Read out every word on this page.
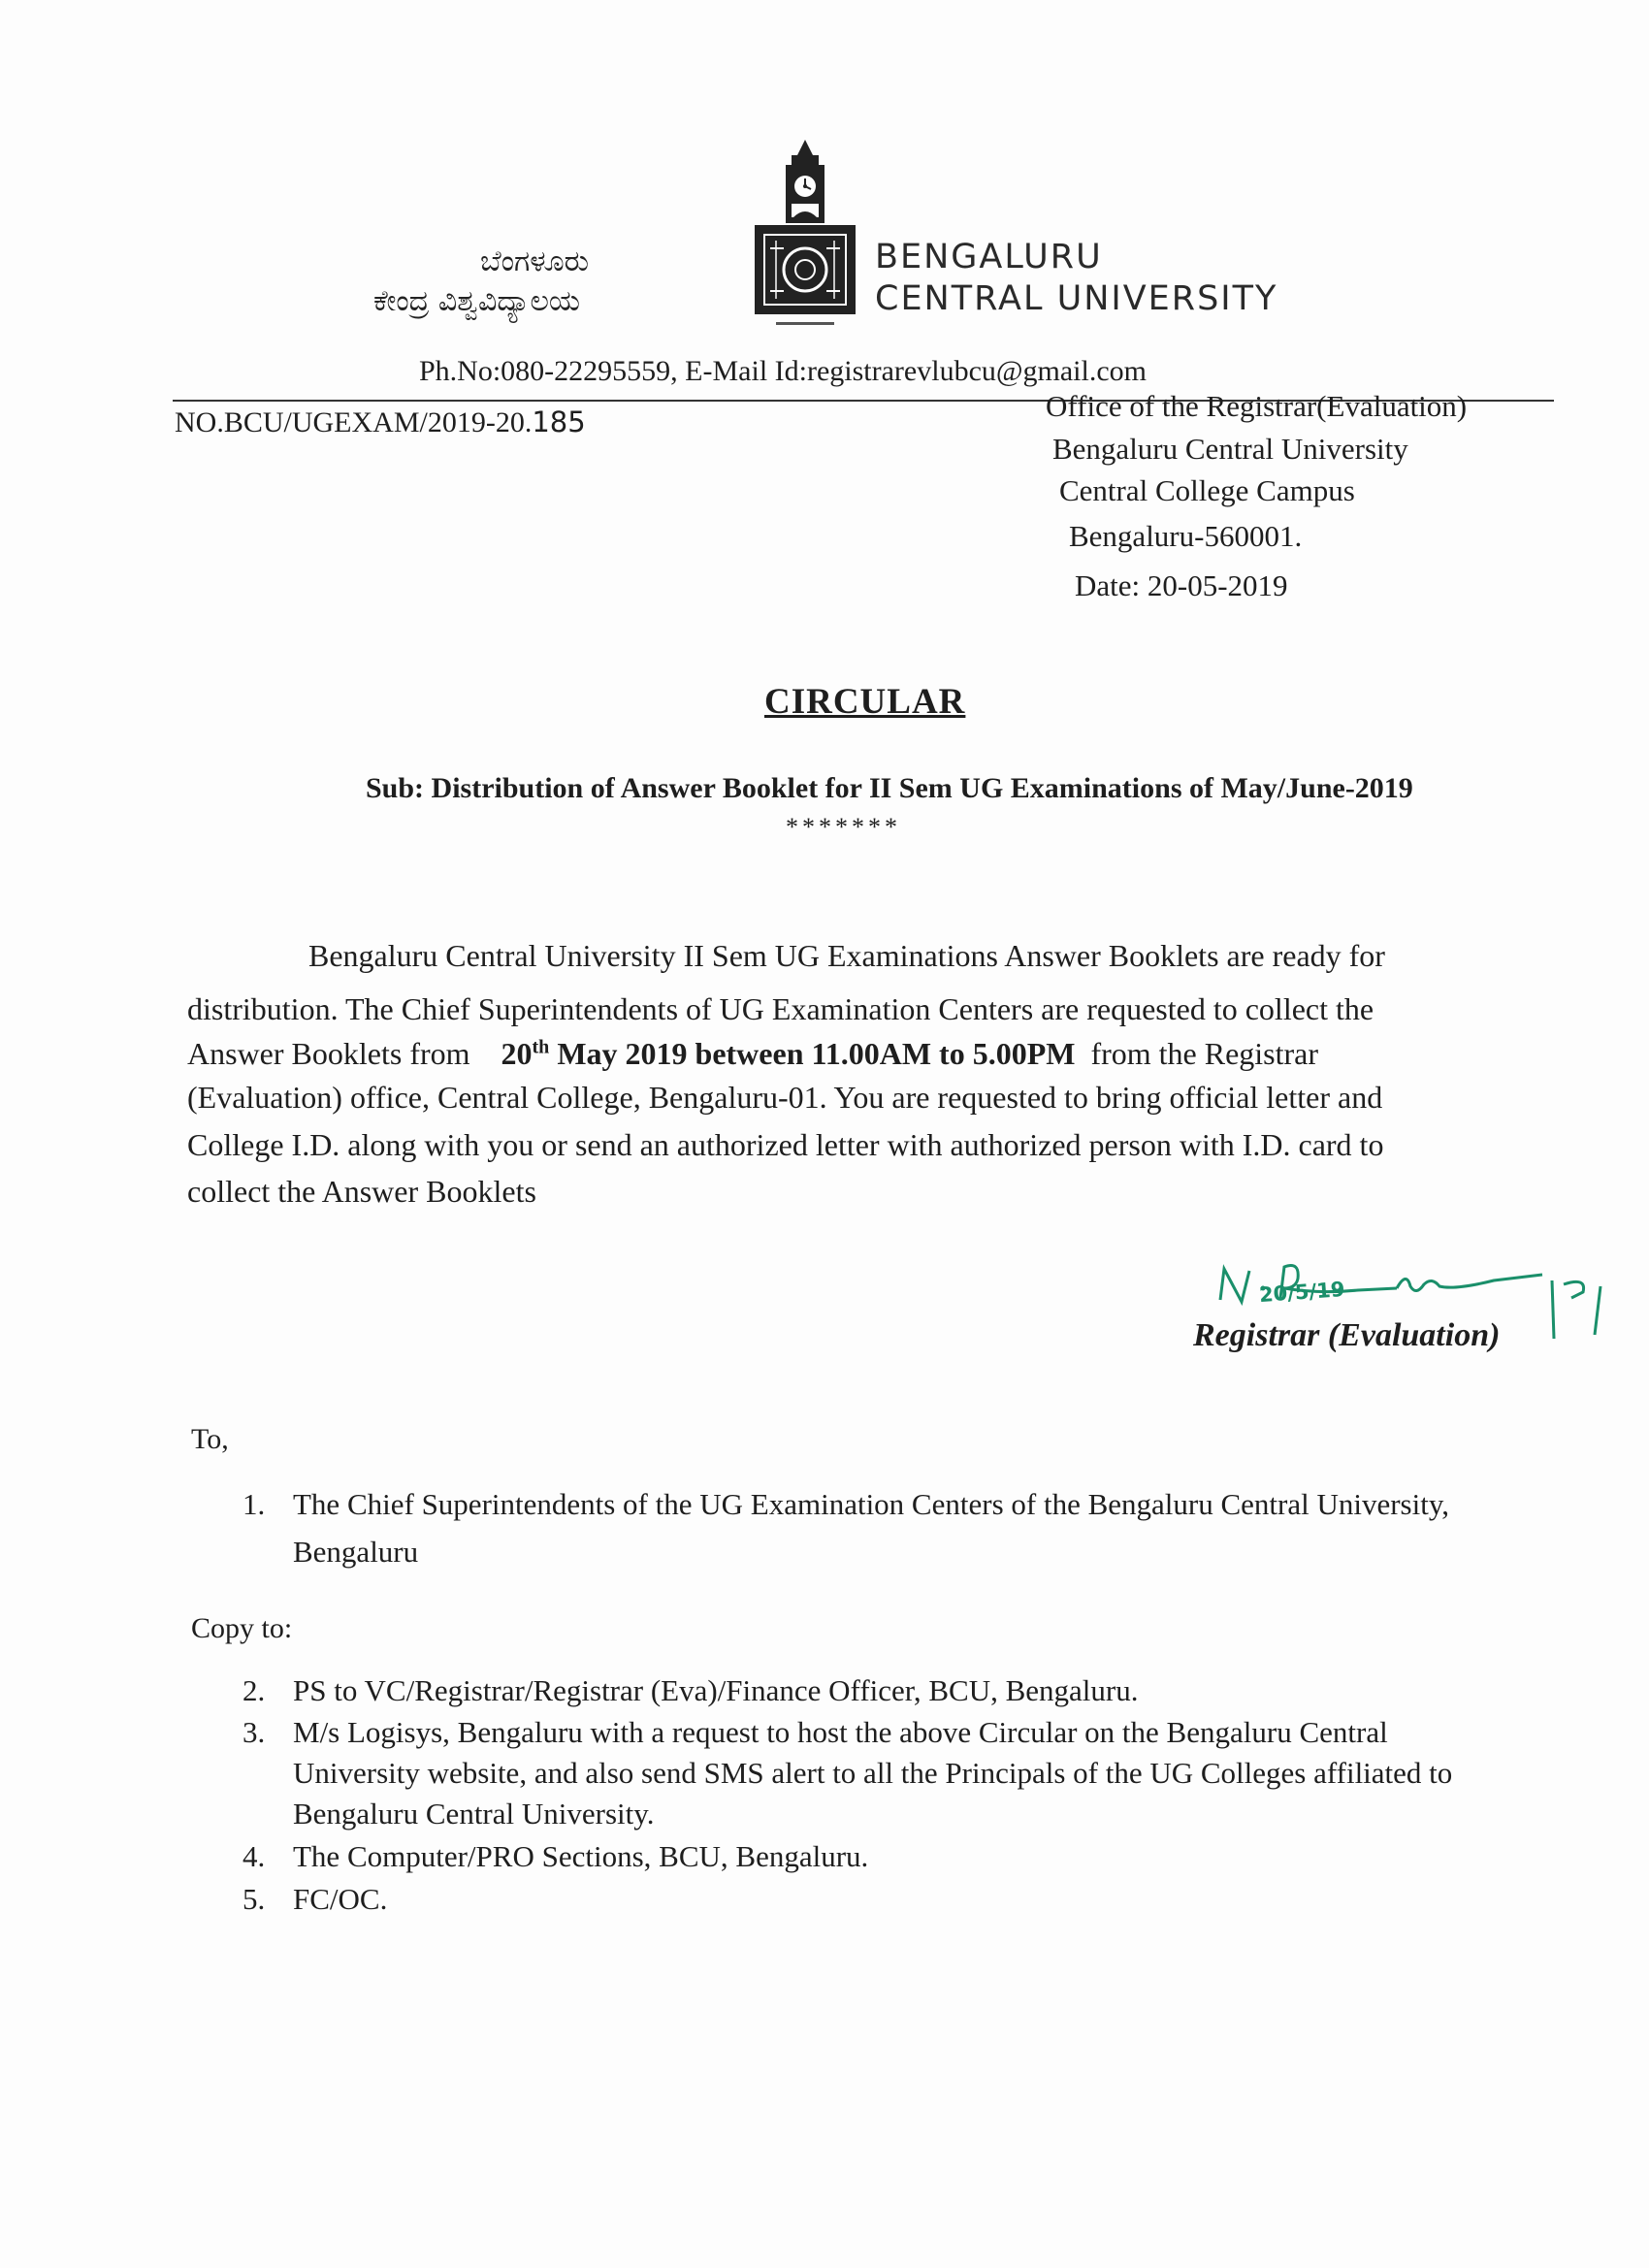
ಬೆಂಗಳೂರು
ಕೇಂದ್ರ ವಿಶ್ವವಿದ್ಯಾಲಯ
BENGALURU
CENTRAL UNIVERSITY
Ph.No:080-22295559, E-Mail Id:registrarevlubcu@gmail.com
NO.BCU/UGEXAM/2019-20.185	Office of the Registrar(Evaluation)
Bengaluru Central University
Central College Campus
Bengaluru-560001.
Date: 20-05-2019
CIRCULAR
Sub: Distribution of Answer Booklet for II Sem UG Examinations of May/June-2019
*******
Bengaluru Central University II Sem UG Examinations Answer Booklets are ready for
distribution. The Chief Superintendents of UG Examination Centers are requested to collect the
Answer Booklets from 20th May 2019 between 11.00AM to 5.00PM from the Registrar
(Evaluation) office, Central College, Bengaluru-01. You are requested to bring official letter and
College I.D. along with you or send an authorized letter with authorized person with I.D. card to
collect the Answer Booklets
20/5/19
Registrar (Evaluation)
To,
1. The Chief Superintendents of the UG Examination Centers of the Bengaluru Central University,
Bengaluru
Copy to:
2. PS to VC/Registrar/Registrar (Eva)/Finance Officer, BCU, Bengaluru.
3. M/s Logisys, Bengaluru with a request to host the above Circular on the Bengaluru Central
University website, and also send SMS alert to all the Principals of the UG Colleges affiliated to
Bengaluru Central University.
4. The Computer/PRO Sections, BCU, Bengaluru.
5. FC/OC.
